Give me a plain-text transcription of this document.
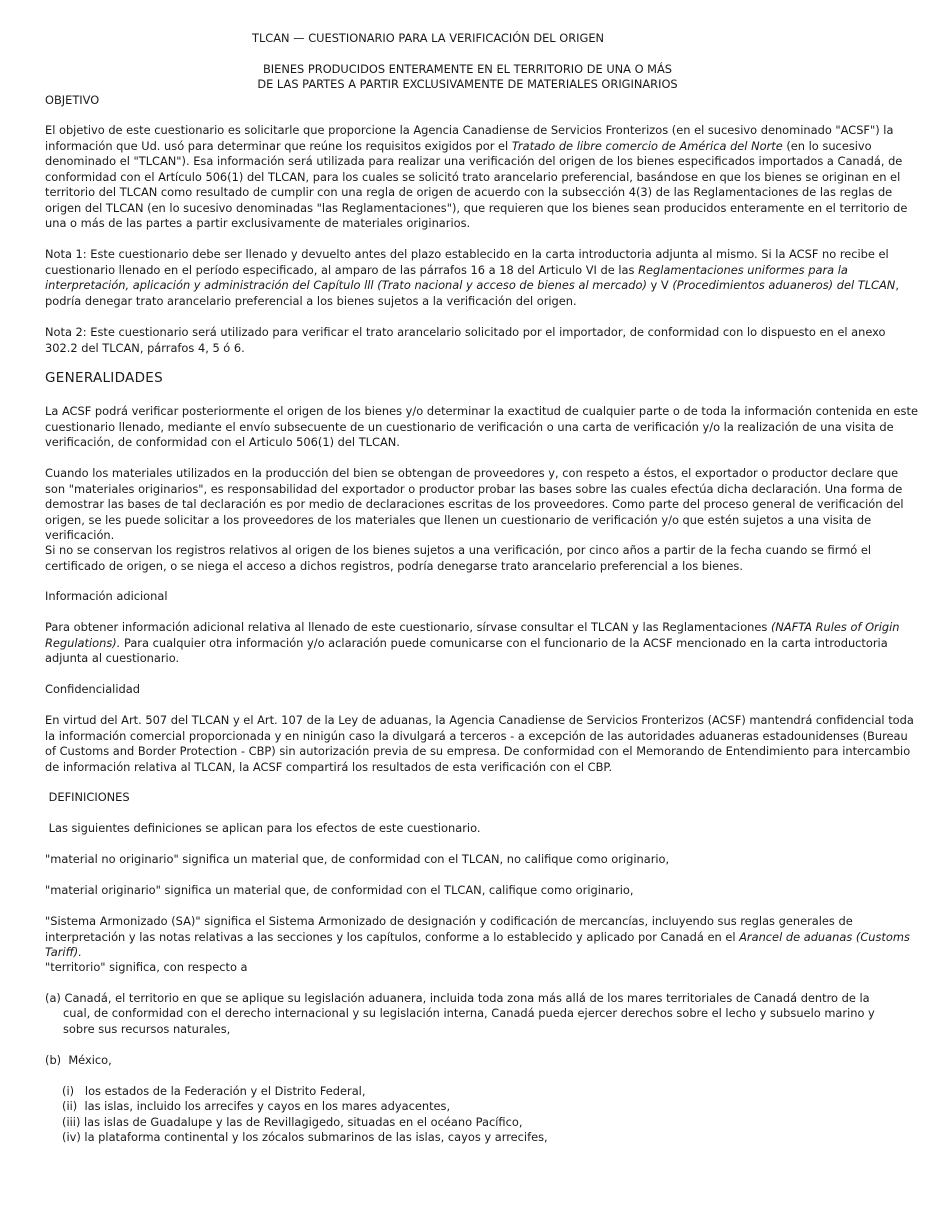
TLCAN — CUESTIONARIO PARA LA VERIFICACIÓN DEL ORIGEN

BIENES PRODUCIDOS ENTERAMENTE EN EL TERRITORIO DE UNA O MÁS

DE LAS PARTES A PARTIR EXCLUSIVAMENTE DE MATERIALES ORIGINARIOS

OBJETIVO

El objetivo de este cuestionario es solicitarle que proporcione la Agencia Canadiense de Servicios Fronterizos (en el sucesivo denominado "ACSF") la información que Ud. usó para determinar que reúne los requisitos exigidos por el Tratado de libre comercio de América del Norte (en lo sucesivo denominado el "TLCAN"). Esa información será utilizada para realizar una verificación del origen de los bienes especificados importados a Canadá, de conformidad con el Artículo 506(1) del TLCAN, para los cuales se solicitó trato arancelario preferencial, basándose en que los bienes se originan en el territorio del TLCAN como resultado de cumplir con una regla de origen de acuerdo con la subsección 4(3) de las Reglamentaciones de las reglas de origen del TLCAN (en lo sucesivo denominadas "las Reglamentaciones"), que requieren que los bienes sean producidos enteramente en el territorio de una o más de las partes a partir exclusivamente de materiales originarios.

Nota 1: Este cuestionario debe ser llenado y devuelto antes del plazo establecido en la carta introductoria adjunta al mismo. Si la ACSF no recibe el cuestionario llenado en el período especificado, al amparo de las párrafos 16 a 18 del Articulo VI de las Reglamentaciones uniformes para la interpretación, aplicación y administración del Capítulo lll (Trato nacional y acceso de bienes al mercado) y V (Procedimientos aduaneros) del TLCAN, podría denegar trato arancelario preferencial a los bienes sujetos a la verificación del origen.

Nota 2: Este cuestionario será utilizado para verificar el trato arancelario solicitado por el importador, de conformidad con lo dispuesto en el anexo 302.2 del TLCAN, párrafos 4, 5 ó 6.

GENERALIDADES

La ACSF podrá verificar posteriormente el origen de los bienes y/o determinar la exactitud de cualquier parte o de toda la información contenida en este cuestionario llenado, mediante el envío subsecuente de un cuestionario de verificación o una carta de verificación y/o la realización de una visita de verificación, de conformidad con el Articulo 506(1) del TLCAN.

Cuando los materiales utilizados en la producción del bien se obtengan de proveedores y, con respeto a éstos, el exportador o productor declare que son "materiales originarios", es responsabilidad del exportador o productor probar las bases sobre las cuales efectúa dicha declaración. Una forma de demostrar las bases de tal declaración es por medio de declaraciones escritas de los proveedores. Como parte del proceso general de verificación del origen, se les puede solicitar a los proveedores de los materiales que llenen un cuestionario de verificación y/o que estén sujetos a una visita de verificación.

Si no se conservan los registros relativos al origen de los bienes sujetos a una verificación, por cinco años a partir de la fecha cuando se firmó el certificado de origen, o se niega el acceso a dichos registros, podría denegarse trato arancelario preferencial a los bienes.

Información adicional

Para obtener información adicional relativa al llenado de este cuestionario, sírvase consultar el TLCAN y las Reglamentaciones (NAFTA Rules of Origin Regulations). Para cualquier otra información y/o aclaración puede comunicarse con el funcionario de la ACSF mencionado en la carta introductoria adjunta al cuestionario.

Confidencialidad

En virtud del Art. 507 del TLCAN y el Art. 107 de la Ley de aduanas, la Agencia Canadiense de Servicios Fronterizos (ACSF) mantendrá confidencial toda la información comercial proporcionada y en ninigún caso la divulgará a terceros - a excepción de las autoridades aduaneras estadounidenses (Bureau of Customs and Border Protection - CBP) sin autorización previa de su empresa. De conformidad con el Memorando de Entendimiento para intercambio de información relativa al TLCAN, la ACSF compartirá los resultados de esta verificación con el CBP.

DEFINICIONES

Las siguientes definiciones se aplican para los efectos de este cuestionario.

"material no originario" significa un material que, de conformidad con el TLCAN, no califique como originario,

"material originario" significa un material que, de conformidad con el TLCAN, califique como originario,

"Sistema Armonizado (SA)" significa el Sistema Armonizado de designación y codificación de mercancías, incluyendo sus reglas generales de interpretación y las notas relativas a las secciones y los capítulos, conforme a lo establecido y aplicado por Canadá en el Arancel de aduanas (Customs Tariff).

"territorio" significa, con respecto a

(a) Canadá, el territorio en que se aplique su legislación aduanera, incluida toda zona más allá de los mares territoriales de Canadá dentro de la

cual, de conformidad con el derecho internacional y su legislación interna, Canadá pueda ejercer derechos sobre el lecho y subsuelo marino y

sobre sus recursos naturales,

(b)  México,

(i)   los estados de la Federación y el Distrito Federal,

(ii)  las islas, incluido los arrecifes y cayos en los mares adyacentes,

(iii) las islas de Guadalupe y las de Revillagigedo, situadas en el océano Pacífico,

(iv) la plataforma continental y los zócalos submarinos de las islas, cayos y arrecifes,
